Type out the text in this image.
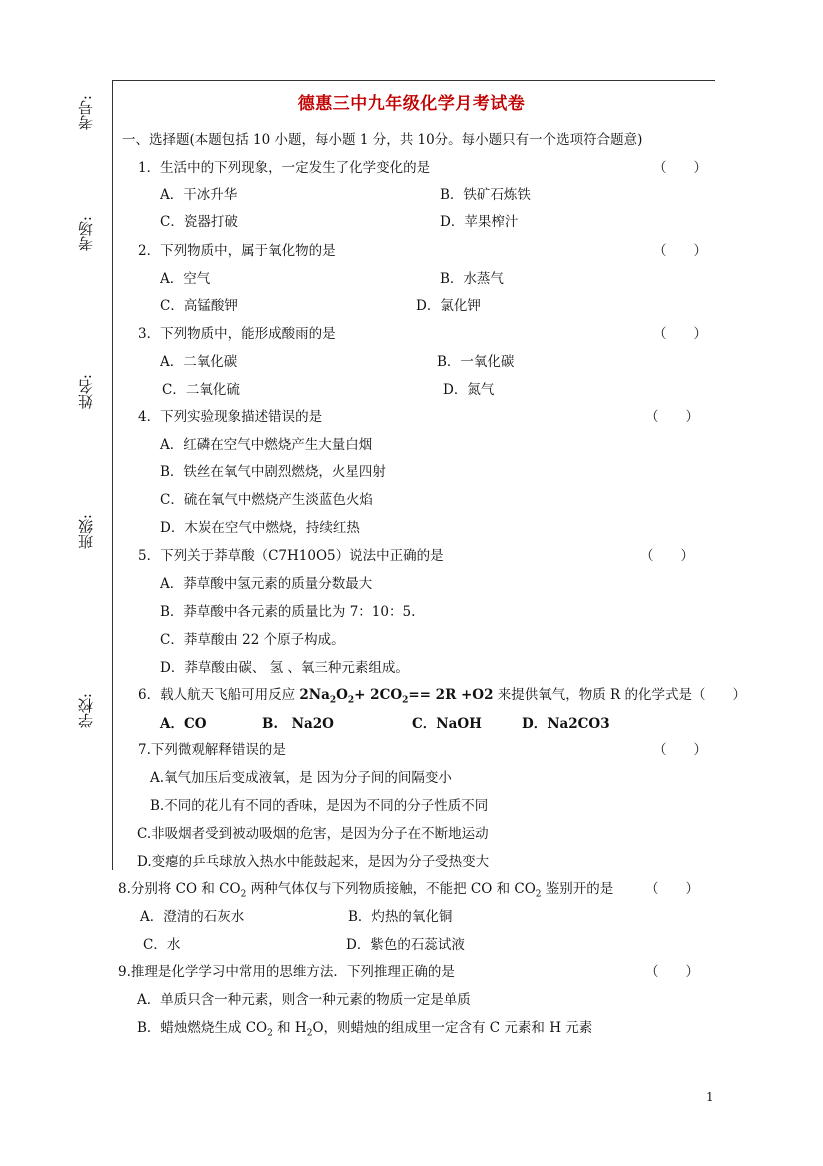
考号:
考场:
姓名:
班级:
学校:
德惠三中九年级化学月考试卷
一、选择题(本题包括 10 小题，每小题 1 分，共 10分。每小题只有一个选项符合题意)
1．生活中的下列现象，一定发生了化学变化的是	（　　）
A．干冰升华	B．铁矿石炼铁
C．瓷器打破	D．苹果榨汁
2．下列物质中，属于氧化物的是	（　　）
A．空气	B．水蒸气
C．高锰酸钾	D．氯化钾
3．下列物质中，能形成酸雨的是	（　　）
A．二氧化碳	B．一氧化碳
C．二氧化硫	D．氮气
4．下列实验现象描述错误的是	（　　）
A．红磷在空气中燃烧产生大量白烟
B．铁丝在氧气中剧烈燃烧，火星四射
C．硫在氧气中燃烧产生淡蓝色火焰
D．木炭在空气中燃烧，持续红热
5．下列关于莽草酸（C7H10O5）说法中正确的是	（　　）
A．莽草酸中氢元素的质量分数最大
B．莽草酸中各元素的质量比为 7：10：5.
C．莽草酸由 22 个原子构成。
D．莽草酸由碳、 氢 、氧三种元素组成。
6．载人航天飞船可用反应 $2Na_2O_2+ 2CO_2== 2R +O2$ 来提供氧气，物质 R 的化学式是（　　）
A．CO	B.　Na2O	C．NaOH	D．Na2CO3
7.下列微观解释错误的是	（　　）
A.氧气加压后变成液氧，是 因为分子间的间隔变小
B.不同的花儿有不同的香味，是因为不同的分子性质不同
C.非吸烟者受到被动吸烟的危害，是因为分子在不断地运动
D.变瘪的乒乓球放入热水中能鼓起来，是因为分子受热变大
8.分别将 CO 和 $CO_2$ 两种气体仅与下列物质接触，不能把 CO 和 $CO_2$ 鉴别开的是 （　　）
A．澄清的石灰水	B．灼热的氧化铜
C．水	D．紫色的石蕊试液
9.推理是化学学习中常用的思维方法．下列推理正确的是	（　　）
A．单质只含一种元素，则含一种元素的物质一定是单质
B．蜡烛燃烧生成 $CO_2$ 和 $H_2O$，则蜡烛的组成里一定含有 C 元素和 H 元素
1
